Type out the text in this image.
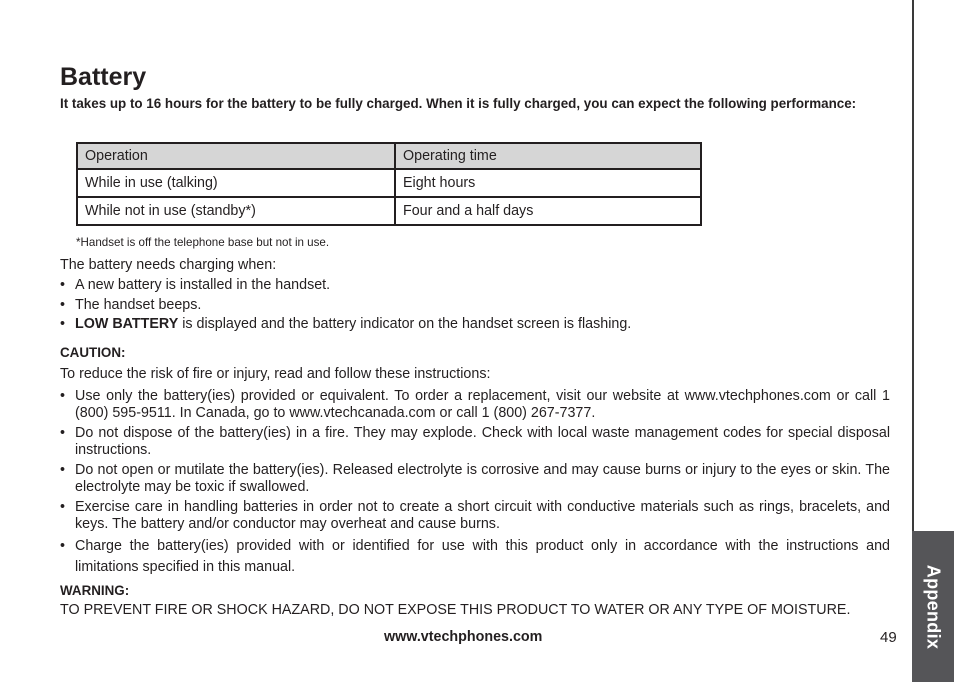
Appendix
Battery

It takes up to 16 hours for the battery to be fully charged. When it is fully charged, you can expect the following performance:

Operation	Operating time
While in use (talking)	Eight hours
While not in use (standby*)	Four and a half days

*Handset is off the telephone base but not in use.

The battery needs charging when:

• A new battery is installed in the handset.
• The handset beeps.
• LOW BATTERY is displayed and the battery indicator on the handset screen is flashing.

CAUTION:

To reduce the risk of fire or injury, read and follow these instructions:

• Use only the battery(ies) provided or equivalent. To order a replacement, visit our website at www.vtechphones.com or call 1 (800) 595-9511. In Canada, go to www.vtechcanada.com or call 1 (800) 267-7377.
• Do not dispose of the battery(ies) in a fire. They may explode. Check with local waste management codes for special disposal instructions.
• Do not open or mutilate the battery(ies). Released electrolyte is corrosive and may cause burns or injury to the eyes or skin. The electrolyte may be toxic if swallowed.
• Exercise care in handling batteries in order not to create a short circuit with conductive materials such as rings, bracelets, and keys. The battery and/or conductor may overheat and cause burns.
• Charge the battery(ies) provided with or identified for use with this product only in accordance with the instructions and limitations specified in this manual.

WARNING:

TO PREVENT FIRE OR SHOCK HAZARD, DO NOT EXPOSE THIS PRODUCT TO WATER OR ANY TYPE OF MOISTURE.

www.vtechphones.com	49
